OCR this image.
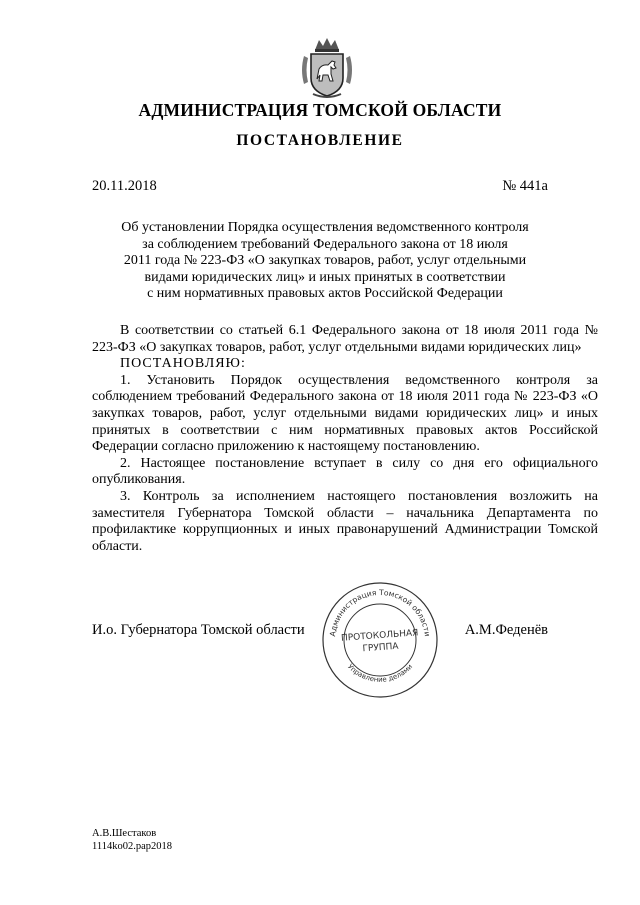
АДМИНИСТРАЦИЯ ТОМСКОЙ ОБЛАСТИ
ПОСТАНОВЛЕНИЕ
20.11.2018	№ 441а
Об установлении Порядка осуществления ведомственного контроля
за соблюдением требований Федерального закона от 18 июля
2011 года № 223-ФЗ «О закупках товаров, работ, услуг отдельными
видами юридических лиц» и иных принятых в соответствии
с ним нормативных правовых актов Российской Федерации

В соответствии со статьей 6.1 Федерального закона от 18 июля 2011 года № 223-ФЗ «О закупках товаров, работ, услуг отдельными видами юридических лиц»

ПОСТАНОВЛЯЮ:

1. Установить Порядок осуществления ведомственного контроля за соблюдением требований Федерального закона от 18 июля 2011 года № 223-ФЗ «О закупках товаров, работ, услуг отдельными видами юридических лиц» и иных принятых в соответствии с ним нормативных правовых актов Российской Федерации согласно приложению к настоящему постановлению.

2. Настоящее постановление вступает в силу со дня его официального опубликования.

3. Контроль за исполнением настоящего постановления возложить на заместителя Губернатора Томской области – начальника Департамента по профилактике коррупционных и иных правонарушений Администрации Томской области.

И.о. Губернатора Томской области	А.М.Феденёв
Администрация Томской области
Управление делами
ПРОТОКОЛЬНАЯ
ГРУППА
А.В.Шестаков
1114ko02.pap2018
